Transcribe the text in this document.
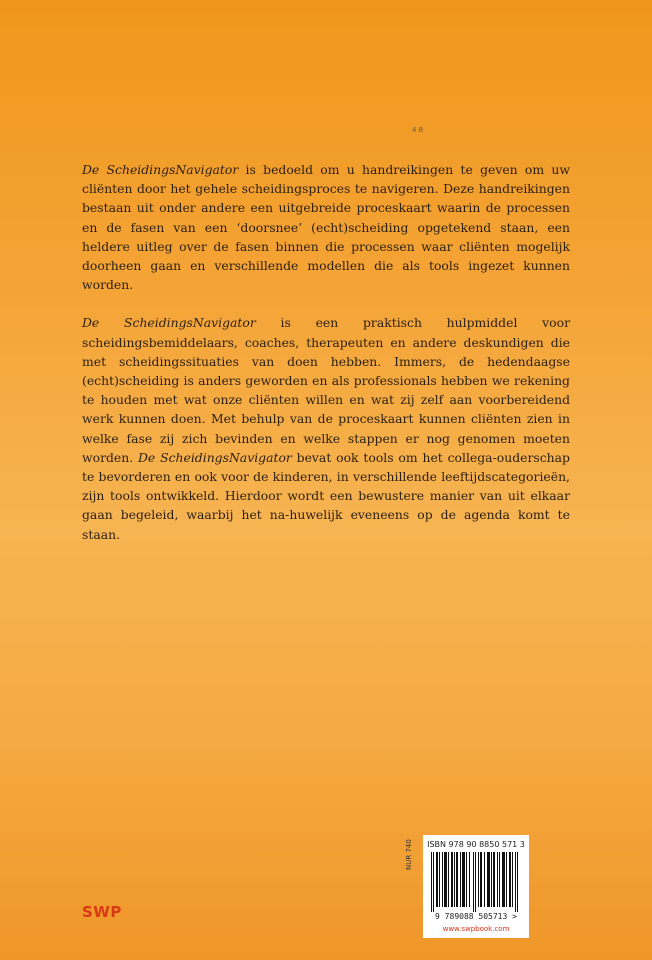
4 8

De ScheidingsNavigator is bedoeld om u handreikingen te geven om uw cliënten door het gehele scheidingsproces te navigeren. Deze handreikingen bestaan uit onder andere een uitgebreide proceskaart waarin de processen en de fasen van een ‘doorsnee’ (echt)scheiding opgetekend staan, een heldere uitleg over de fasen binnen die processen waar cliënten mogelijk doorheen gaan en verschillende modellen die als tools ingezet kunnen worden.

De ScheidingsNavigator is een praktisch hulpmiddel voor scheidingsbemiddelaars, coaches, therapeuten en andere deskundigen die met scheidingssituaties van doen hebben. Immers, de hedendaagse (echt)scheiding is anders geworden en als professionals hebben we rekening te houden met wat onze cliënten willen en wat zij zelf aan voorbereidend werk kunnen doen. Met behulp van de proceskaart kunnen cliënten zien in welke fase zij zich bevinden en welke stappen er nog genomen moeten worden. De ScheidingsNavigator bevat ook tools om het collega-ouderschap te bevorderen en ook voor de kinderen, in verschillende leeftijdscategorieën, zijn tools ontwikkeld. Hierdoor wordt een bewustere manier van uit elkaar gaan begeleid, waarbij het na-huwelijk eveneens op de agenda komt te staan.

SWP
NUR 740	ISBN 978 90 8850 571 3
9 789088 505713 >
www.swpbook.com
